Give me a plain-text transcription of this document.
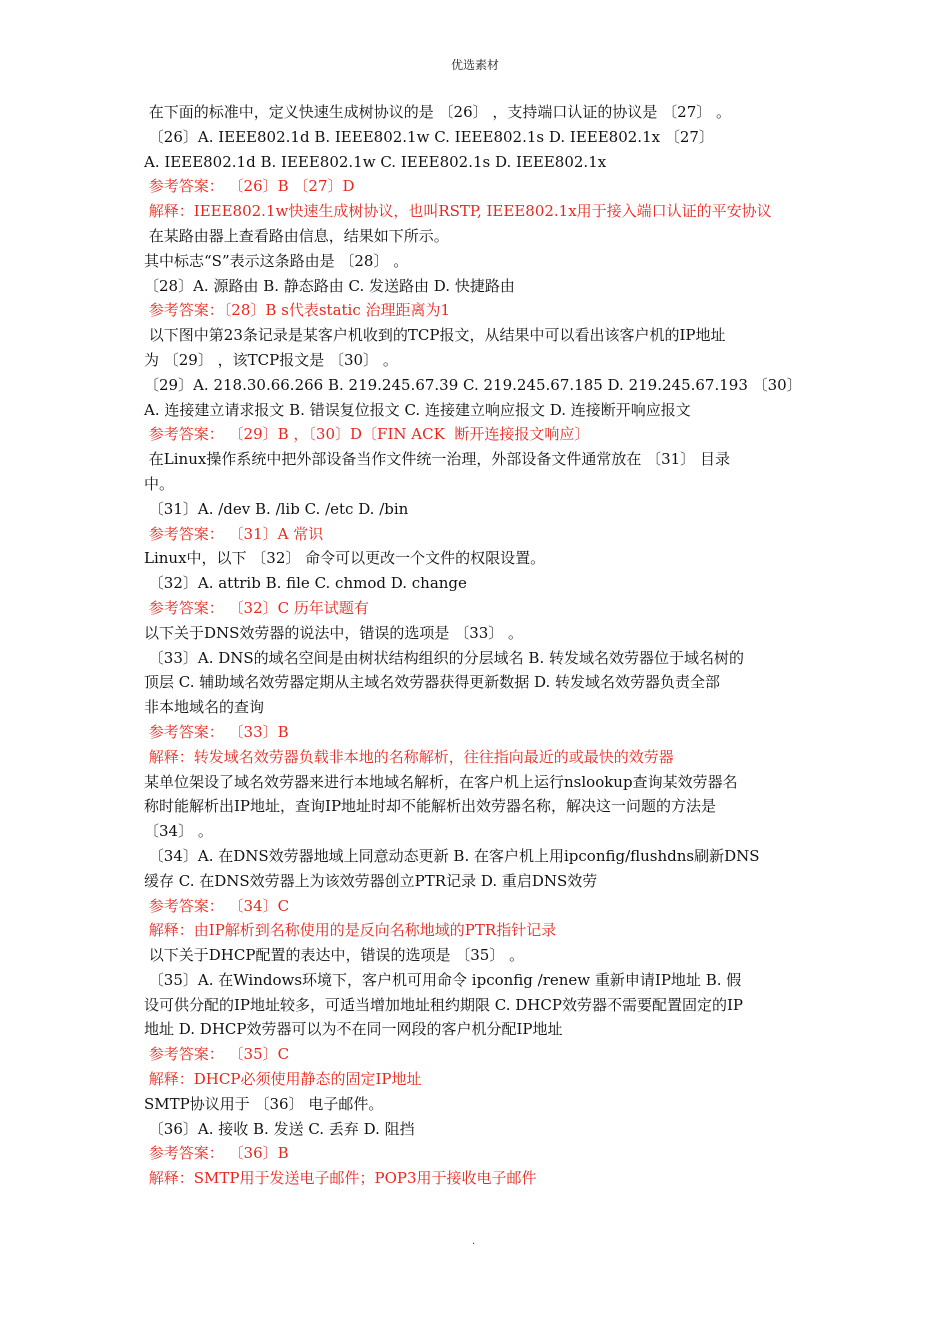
优选素材
在下面的标准中，定义快速生成树协议的是 〔26〕 ，支持端口认证的协议是 〔27〕 。
〔26〕A. IEEE802.1d B. IEEE802.1w C. IEEE802.1s D. IEEE802.1x 〔27〕
A. IEEE802.1d B. IEEE802.1w C. IEEE802.1s D. IEEE802.1x
参考答案： 〔26〕B 〔27〕D
解释：IEEE802.1w快速生成树协议，也叫RSTP, IEEE802.1x用于接入端口认证的平安协议
在某路由器上查看路由信息，结果如下所示。
其中标志“S”表示这条路由是 〔28〕 。
〔28〕A. 源路由 B. 静态路由 C. 发送路由 D. 快捷路由
参考答案：〔28〕B s代表static 治理距离为1
以下图中第23条记录是某客户机收到的TCP报文，从结果中可以看出该客户机的IP地址
为 〔29〕 ，该TCP报文是 〔30〕 。
〔29〕A. 218.30.66.266 B. 219.245.67.39 C. 219.245.67.185 D. 219.245.67.193 〔30〕
A. 连接建立请求报文 B. 错误复位报文 C. 连接建立响应报文 D. 连接断开响应报文
参考答案： 〔29〕B ，〔30〕D〔FIN ACK  断开连接报文响应〕
在Linux操作系统中把外部设备当作文件统一治理，外部设备文件通常放在 〔31〕 目录
中。
〔31〕A. /dev B. /lib C. /etc D. /bin
参考答案： 〔31〕A 常识
Linux中，以下 〔32〕 命令可以更改一个文件的权限设置。
〔32〕A. attrib B. file C. chmod D. change
参考答案： 〔32〕C 历年试题有
以下关于DNS效劳器的说法中，错误的选项是 〔33〕 。
〔33〕A. DNS的域名空间是由树状结构组织的分层域名 B. 转发域名效劳器位于域名树的
顶层 C. 辅助域名效劳器定期从主域名效劳器获得更新数据 D. 转发域名效劳器负责全部
非本地域名的查询
参考答案： 〔33〕B
解释：转发域名效劳器负载非本地的名称解析，往往指向最近的或最快的效劳器
某单位架设了域名效劳器来进行本地域名解析，在客户机上运行nslookup查询某效劳器名
称时能解析出IP地址，查询IP地址时却不能解析出效劳器名称，解决这一问题的方法是
〔34〕 。
〔34〕A. 在DNS效劳器地域上同意动态更新 B. 在客户机上用ipconfig/flushdns刷新DNS
缓存 C. 在DNS效劳器上为该效劳器创立PTR记录 D. 重启DNS效劳
参考答案： 〔34〕C
解释：由IP解析到名称使用的是反向名称地域的PTR指针记录
以下关于DHCP配置的表达中，错误的选项是 〔35〕 。
〔35〕A. 在Windows环境下，客户机可用命令 ipconfig /renew 重新申请IP地址 B. 假
设可供分配的IP地址较多，可适当增加地址租约期限 C. DHCP效劳器不需要配置固定的IP
地址 D. DHCP效劳器可以为不在同一网段的客户机分配IP地址
参考答案： 〔35〕C
解释：DHCP必须使用静态的固定IP地址
SMTP协议用于 〔36〕 电子邮件。
〔36〕A. 接收 B. 发送 C. 丢弃 D. 阻挡
参考答案： 〔36〕B
解释：SMTP用于发送电子邮件；POP3用于接收电子邮件
.
